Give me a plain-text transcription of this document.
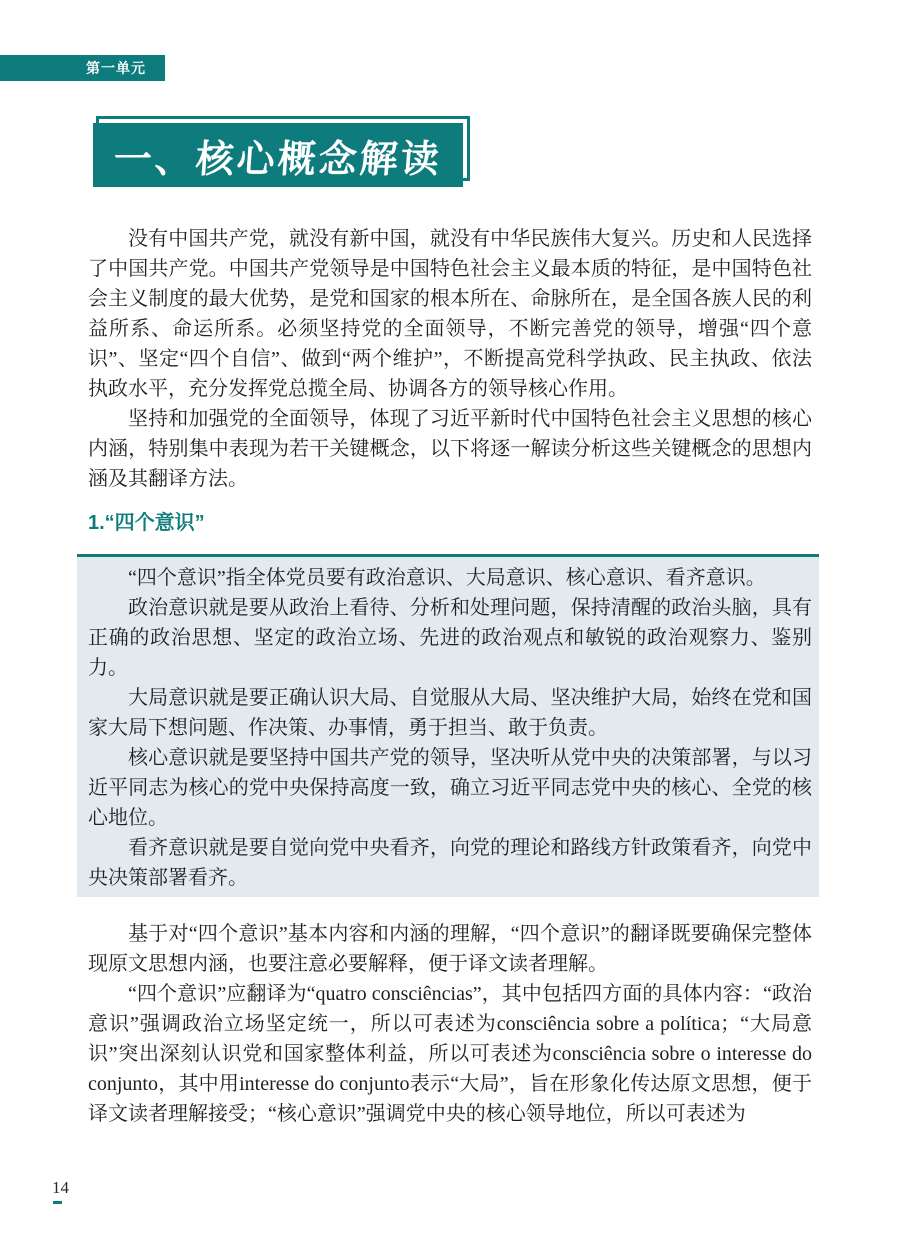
第一单元
一、核心概念解读

没有中国共产党，就没有新中国，就没有中华民族伟大复兴。历史和人民选择了中国共产党。中国共产党领导是中国特色社会主义最本质的特征，是中国特色社会主义制度的最大优势，是党和国家的根本所在、命脉所在，是全国各族人民的利益所系、命运所系。必须坚持党的全面领导，不断完善党的领导，增强“四个意识”、坚定“四个自信”、做到“两个维护”，不断提高党科学执政、民主执政、依法执政水平，充分发挥党总揽全局、协调各方的领导核心作用。

坚持和加强党的全面领导，体现了习近平新时代中国特色社会主义思想的核心内涵，特别集中表现为若干关键概念，以下将逐一解读分析这些关键概念的思想内涵及其翻译方法。

1.“四个意识”

“四个意识”指全体党员要有政治意识、大局意识、核心意识、看齐意识。

政治意识就是要从政治上看待、分析和处理问题，保持清醒的政治头脑，具有正确的政治思想、坚定的政治立场、先进的政治观点和敏锐的政治观察力、鉴别力。

大局意识就是要正确认识大局、自觉服从大局、坚决维护大局，始终在党和国家大局下想问题、作决策、办事情，勇于担当、敢于负责。

核心意识就是要坚持中国共产党的领导，坚决听从党中央的决策部署，与以习近平同志为核心的党中央保持高度一致，确立习近平同志党中央的核心、全党的核心地位。

看齐意识就是要自觉向党中央看齐，向党的理论和路线方针政策看齐，向党中央决策部署看齐。

基于对“四个意识”基本内容和内涵的理解，“四个意识”的翻译既要确保完整体现原文思想内涵，也要注意必要解释，便于译文读者理解。

“四个意识”应翻译为“quatro consciências”，其中包括四方面的具体内容：“政治意识”强调政治立场坚定统一，所以可表述为consciência sobre a política；“大局意识”突出深刻认识党和国家整体利益，所以可表述为consciência sobre o interesse do conjunto，其中用interesse do conjunto表示“大局”，旨在形象化传达原文思想，便于译文读者理解接受；“核心意识”强调党中央的核心领导地位，所以可表述为

14
